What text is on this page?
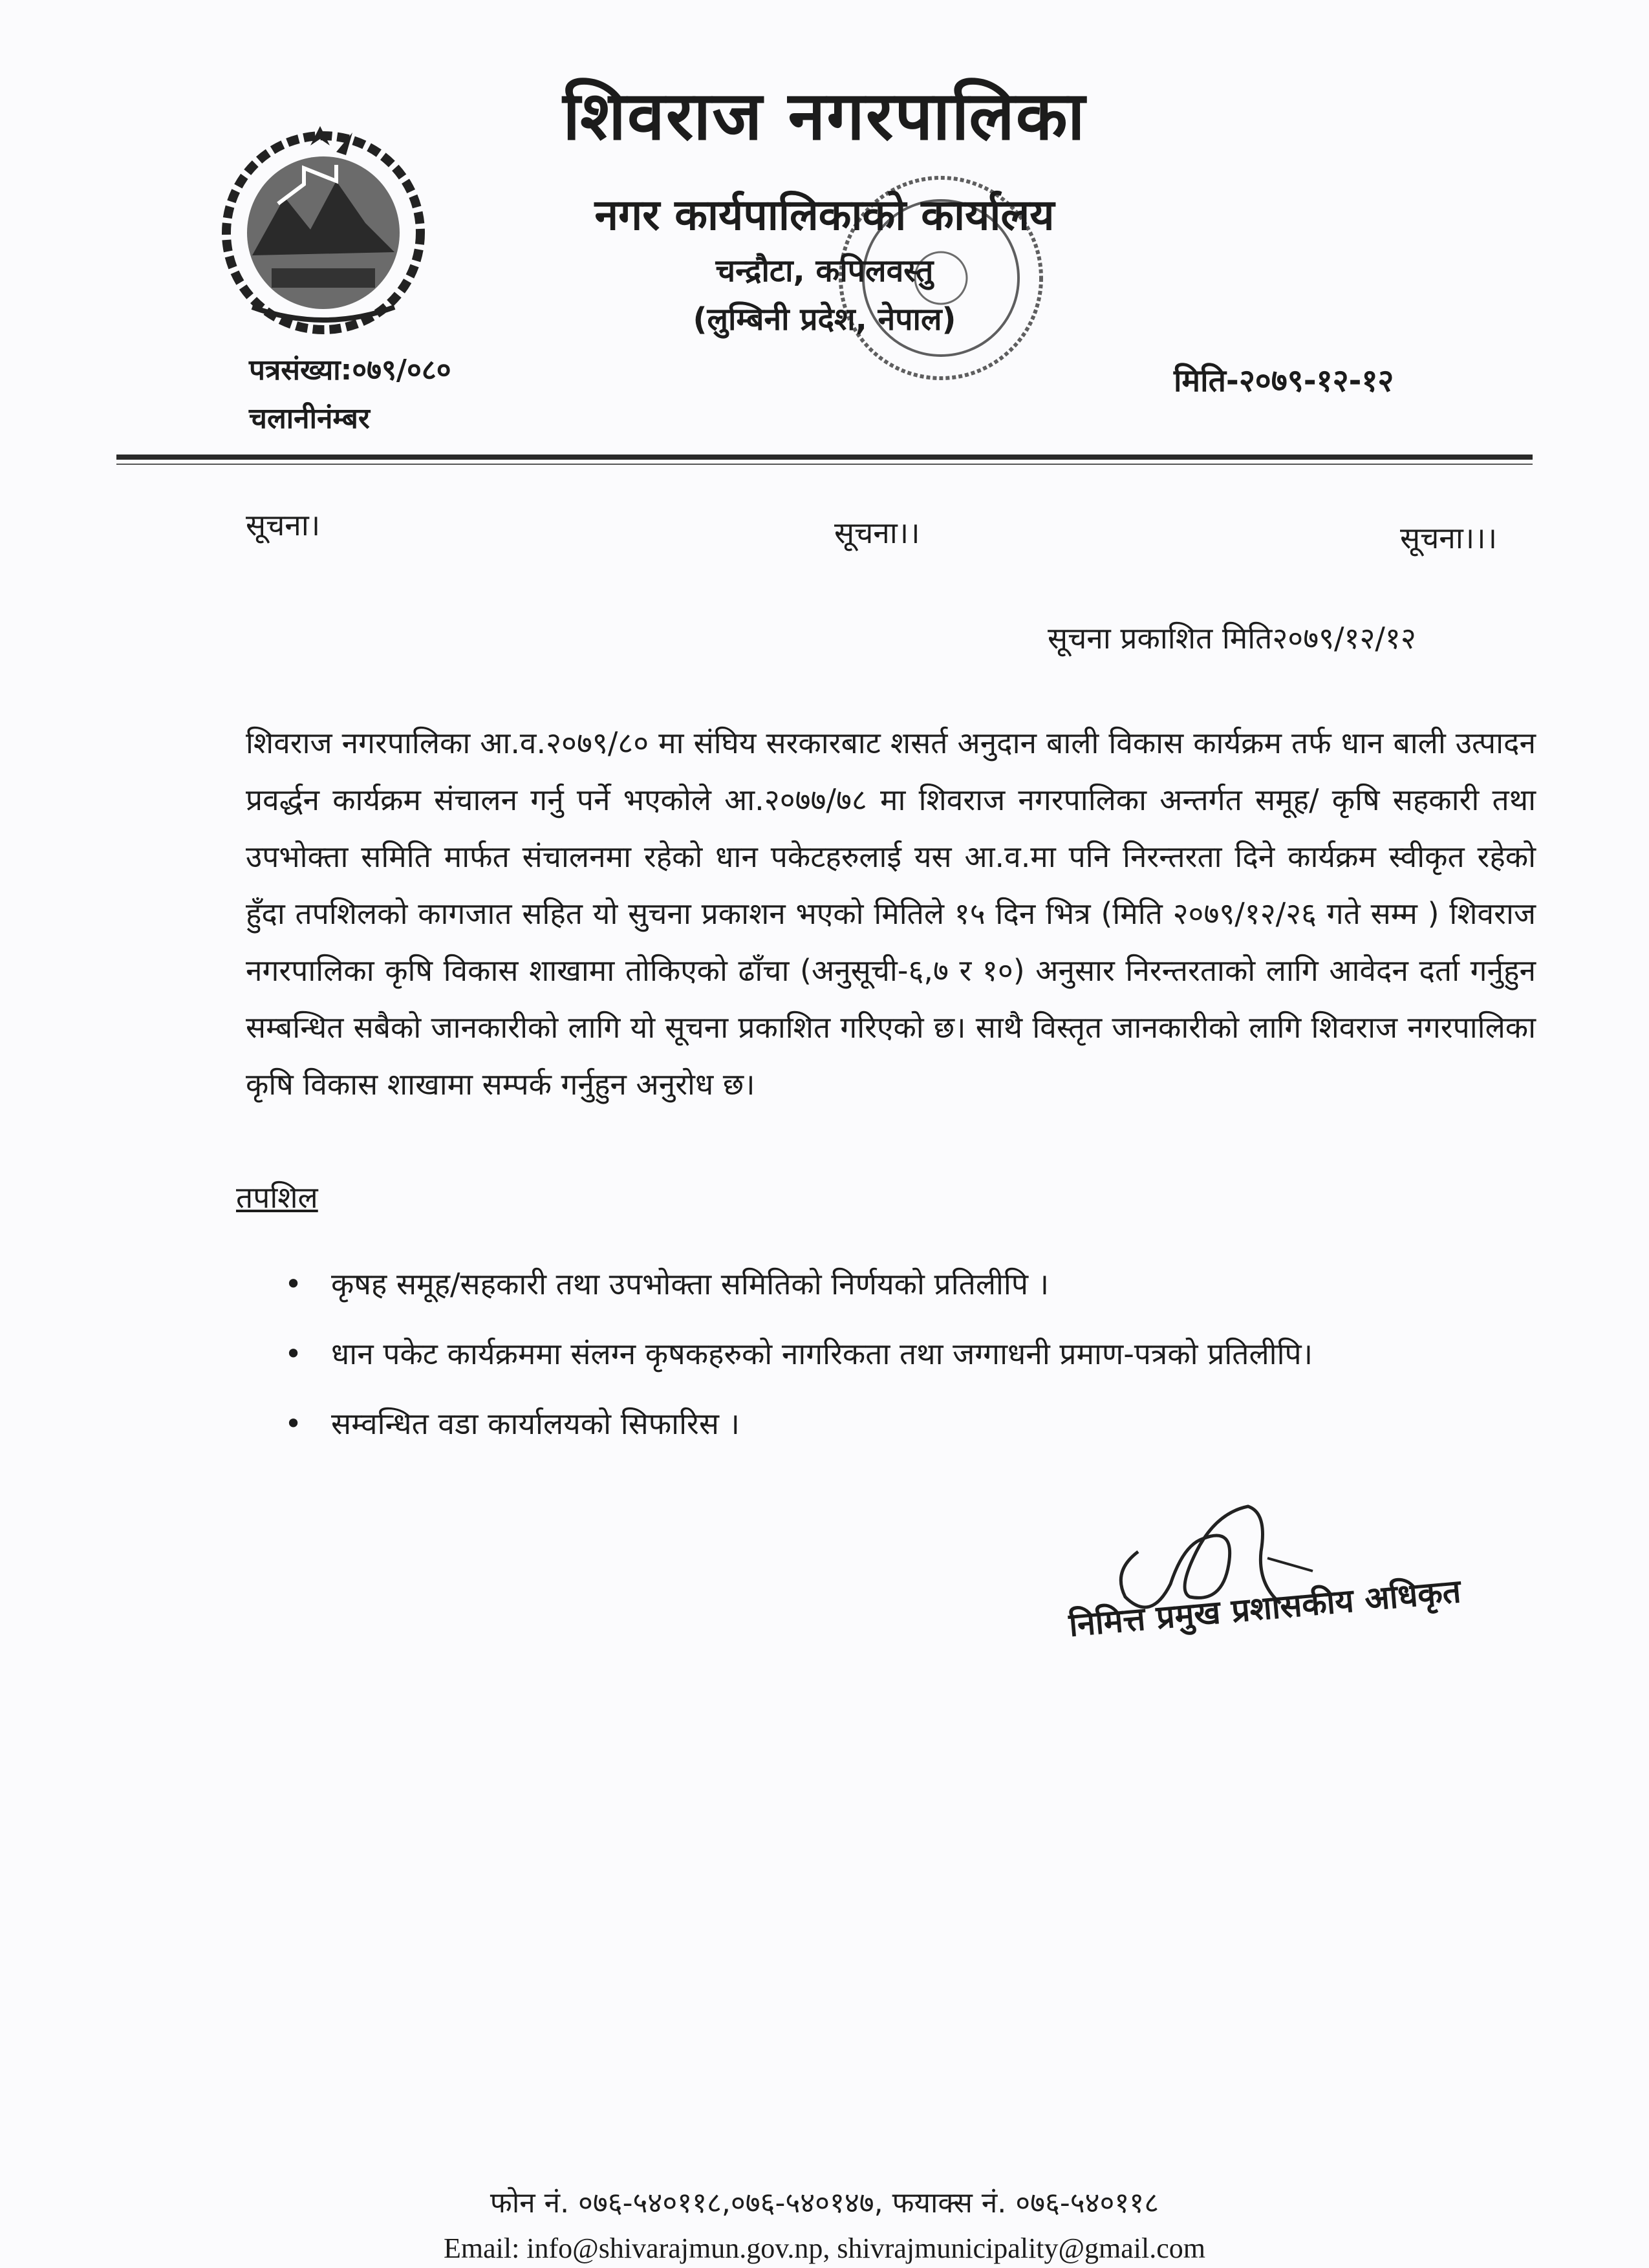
शिवराज नगरपालिका
नगर कार्यपालिकाको कार्यालय
चन्द्रौटा, कपिलवस्तु
(लुम्बिनी प्रदेश, नेपाल)
पत्रसंख्या:०७९/०८०
चलानीनंम्बर
मिति-२०७९-१२-१२
सूचना।	सूचना।।	सूचना।।।
सूचना प्रकाशित मिति२०७९/१२/१२
शिवराज नगरपालिका आ.व.२०७९/८० मा संघिय सरकारबाट शसर्त अनुदान बाली विकास कार्यक्रम तर्फ धान बाली उत्पादन प्रवर्द्धन कार्यक्रम संचालन गर्नु पर्ने भएकोले आ.२०७७/७८ मा शिवराज नगरपालिका अन्तर्गत समूह/ कृषि सहकारी तथा उपभोक्ता समिति मार्फत संचालनमा रहेको धान पकेटहरुलाई यस आ.व.मा पनि निरन्तरता दिने कार्यक्रम स्वीकृत रहेको हुँदा तपशिलको कागजात सहित यो सुचना प्रकाशन भएको मितिले १५ दिन भित्र (मिति २०७९/१२/२६ गते सम्म ) शिवराज नगरपालिका कृषि विकास शाखामा तोकिएको ढाँचा (अनुसूची-६,७ र १०) अनुसार निरन्तरताको लागि आवेदन दर्ता गर्नुहुन सम्बन्धित सबैको जानकारीको लागि यो सूचना प्रकाशित गरिएको छ। साथै विस्तृत जानकारीको लागि शिवराज नगरपालिका कृषि विकास शाखामा सम्पर्क गर्नुहुन अनुरोध छ।
तपशिल
• कृषह समूह/सहकारी तथा उपभोक्ता समितिको निर्णयको प्रतिलीपि ।
• धान पकेट कार्यक्रममा संलग्न कृषकहरुको नागरिकता तथा जग्गाधनी प्रमाण-पत्रको प्रतिलीपि।
• सम्वन्धित वडा कार्यालयको सिफारिस ।
निमित्त प्रमुख प्रशासकीय अधिकृत
फोन नं. ०७६-५४०११८,०७६-५४०१४७, फयाक्स नं. ०७६-५४०११८
Email: info@shivarajmun.gov.np, shivrajmunicipality@gmail.com
